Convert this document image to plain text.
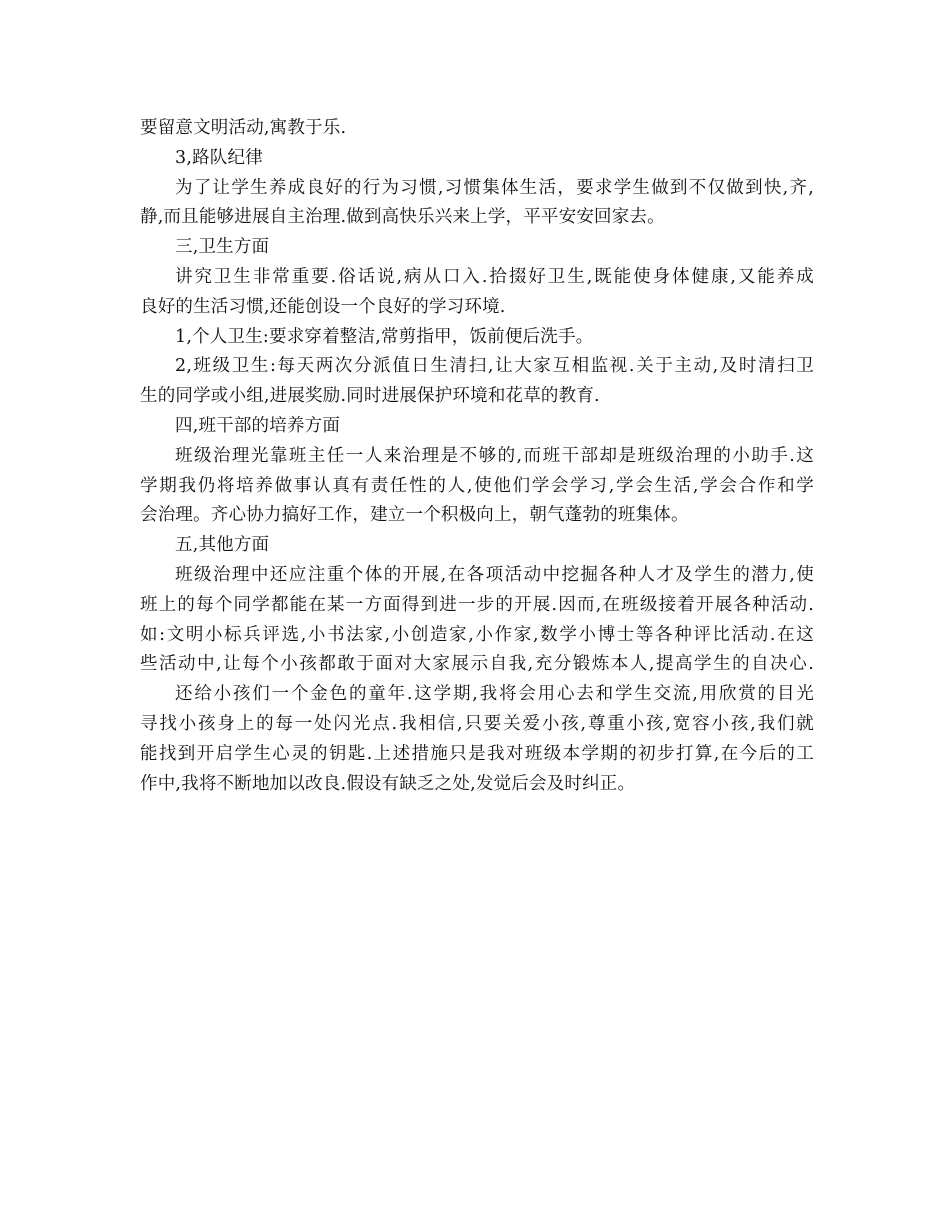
要留意文明活动,寓教于乐.
3,路队纪律
为了让学生养成良好的行为习惯,习惯集体生活，要求学生做到不仅做到快,齐,
静,而且能够进展自主治理.做到高快乐兴来上学，平平安安回家去。
三,卫生方面
讲究卫生非常重要.俗话说,病从口入.拾掇好卫生,既能使身体健康,又能养成
良好的生活习惯,还能创设一个良好的学习环境.
1,个人卫生:要求穿着整洁,常剪指甲，饭前便后洗手。
2,班级卫生:每天两次分派值日生清扫,让大家互相监视.关于主动,及时清扫卫
生的同学或小组,进展奖励.同时进展保护环境和花草的教育.
四,班干部的培养方面
班级治理光靠班主任一人来治理是不够的,而班干部却是班级治理的小助手.这
学期我仍将培养做事认真有责任性的人,使他们学会学习,学会生活,学会合作和学
会治理。齐心协力搞好工作，建立一个积极向上，朝气蓬勃的班集体。
五,其他方面
班级治理中还应注重个体的开展,在各项活动中挖掘各种人才及学生的潜力,使
班上的每个同学都能在某一方面得到进一步的开展.因而,在班级接着开展各种活动.
如:文明小标兵评选,小书法家,小创造家,小作家,数学小博士等各种评比活动.在这
些活动中,让每个小孩都敢于面对大家展示自我,充分锻炼本人,提高学生的自决心.
还给小孩们一个金色的童年.这学期,我将会用心去和学生交流,用欣赏的目光
寻找小孩身上的每一处闪光点.我相信,只要关爱小孩,尊重小孩,宽容小孩,我们就
能找到开启学生心灵的钥匙.上述措施只是我对班级本学期的初步打算,在今后的工
作中,我将不断地加以改良.假设有缺乏之处,发觉后会及时纠正。
